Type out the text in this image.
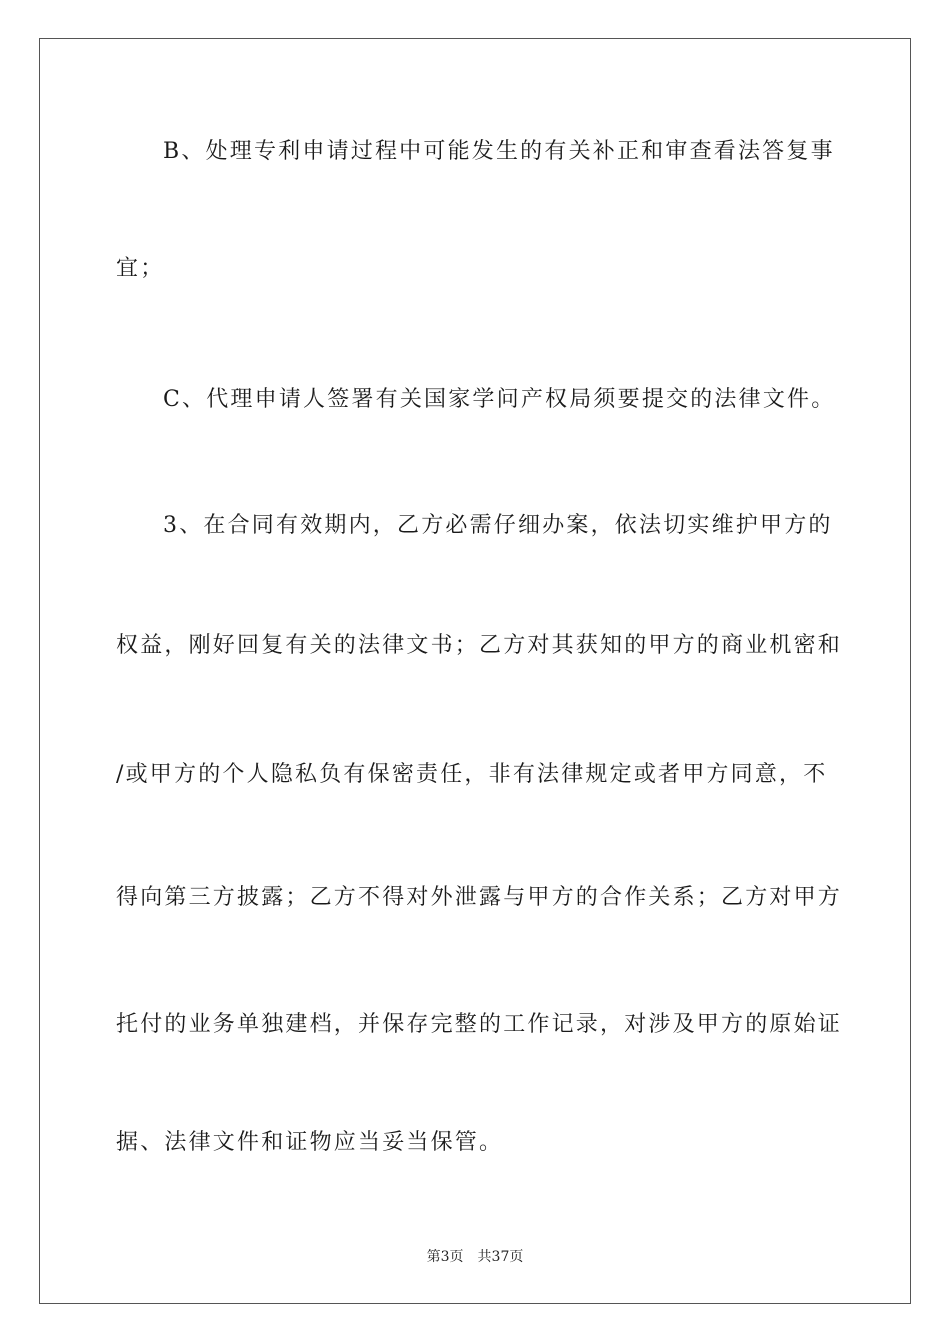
B、处理专利申请过程中可能发生的有关补正和审查看法答复事
宜；
C、代理申请人签署有关国家学问产权局须要提交的法律文件。
3、在合同有效期内，乙方必需仔细办案，依法切实维护甲方的
权益，刚好回复有关的法律文书；乙方对其获知的甲方的商业机密和
/或甲方的个人隐私负有保密责任，非有法律规定或者甲方同意，不
得向第三方披露；乙方不得对外泄露与甲方的合作关系；乙方对甲方
托付的业务单独建档，并保存完整的工作记录，对涉及甲方的原始证
据、法律文件和证物应当妥当保管。
第3页 共37页
